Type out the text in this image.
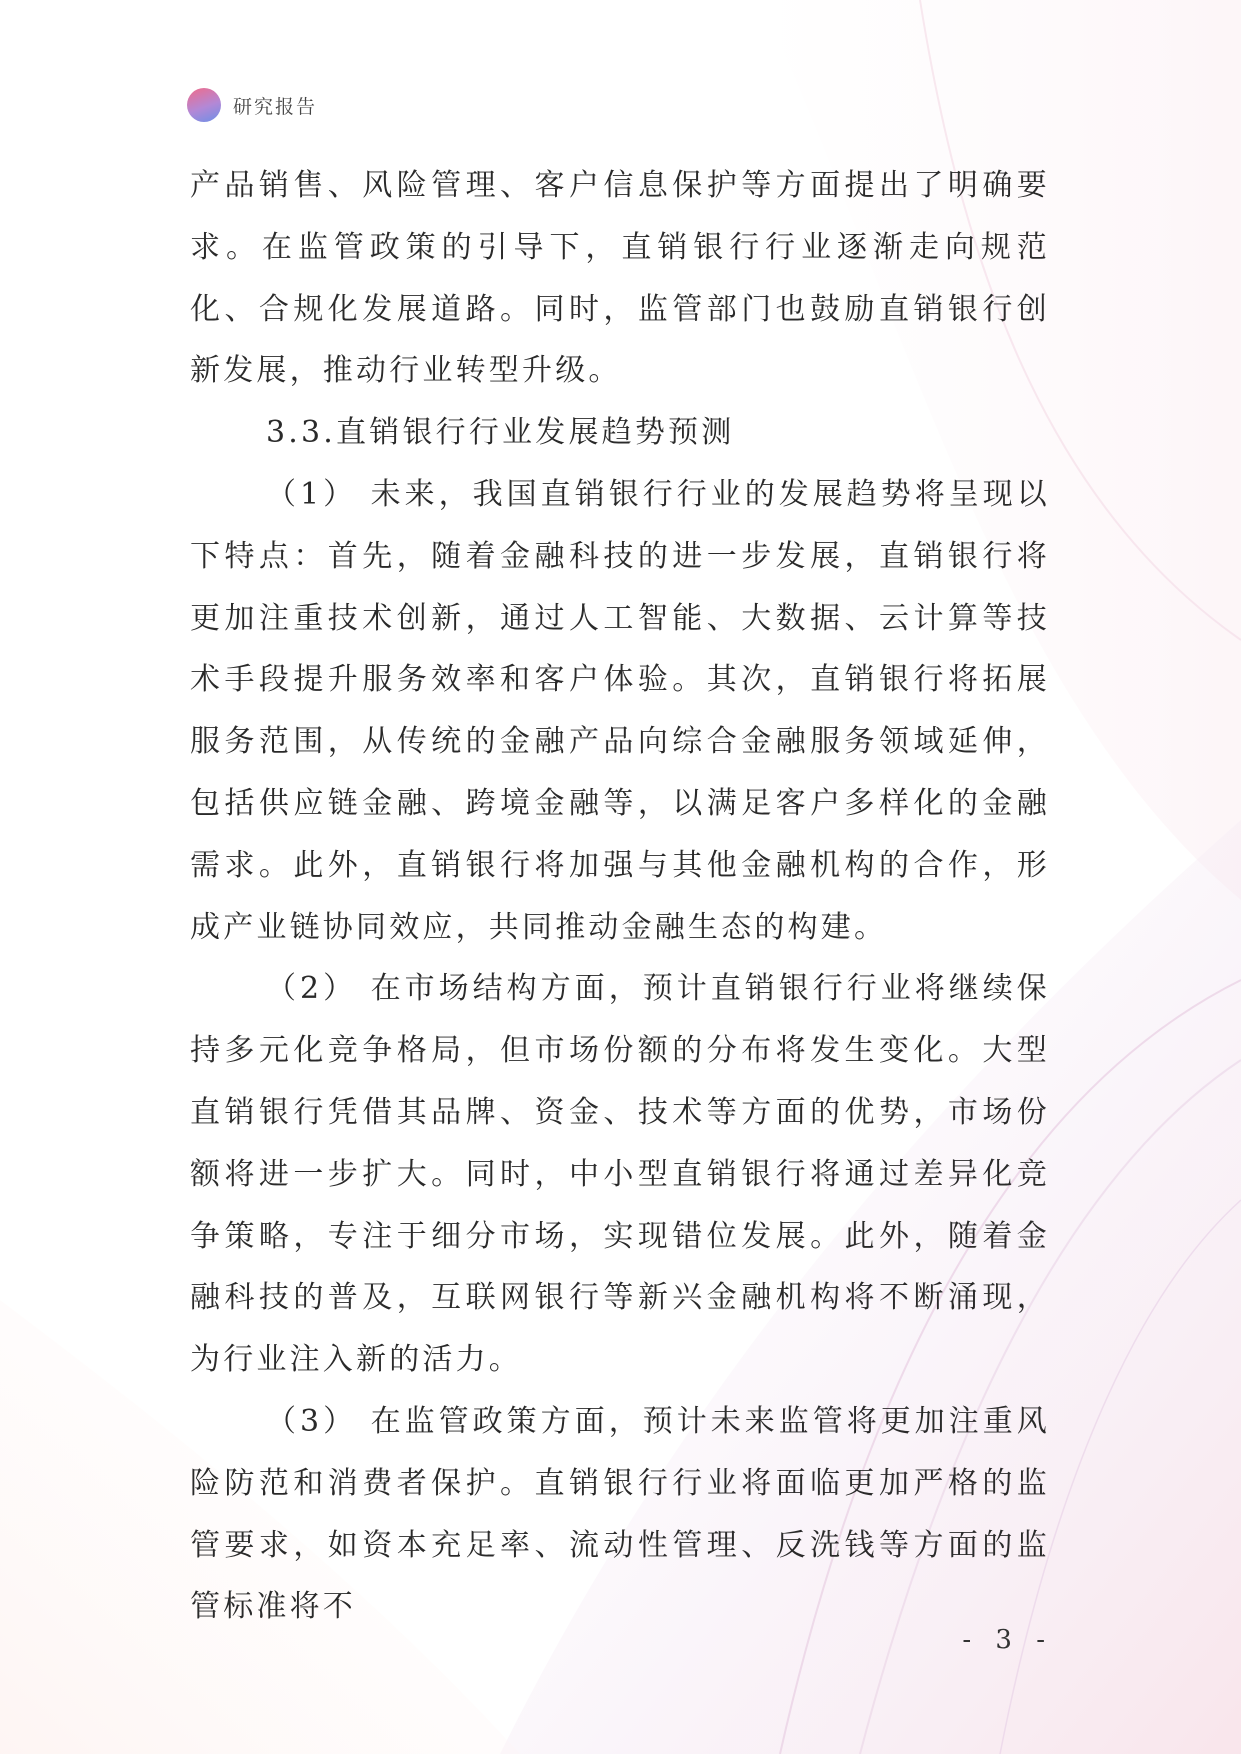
研究报告

产品销售、风险管理、客户信息保护等方面提出了明确要求。在监管政策的引导下，直销银行行业逐渐走向规范化、合规化发展道路。同时，监管部门也鼓励直销银行创新发展，推动行业转型升级。

3.3.直销银行行业发展趋势预测

（1） 未来，我国直销银行行业的发展趋势将呈现以下特点：首先，随着金融科技的进一步发展，直销银行将更加注重技术创新，通过人工智能、大数据、云计算等技术手段提升服务效率和客户体验。其次，直销银行将拓展服务范围，从传统的金融产品向综合金融服务领域延伸，包括供应链金融、跨境金融等，以满足客户多样化的金融需求。此外，直销银行将加强与其他金融机构的合作，形成产业链协同效应，共同推动金融生态的构建。

（2） 在市场结构方面，预计直销银行行业将继续保持多元化竞争格局，但市场份额的分布将发生变化。大型直销银行凭借其品牌、资金、技术等方面的优势，市场份额将进一步扩大。同时，中小型直销银行将通过差异化竞争策略，专注于细分市场，实现错位发展。此外，随着金融科技的普及，互联网银行等新兴金融机构将不断涌现，为行业注入新的活力。

（3） 在监管政策方面，预计未来监管将更加注重风险防范和消费者保护。直销银行行业将面临更加严格的监管要求，如资本充足率、流动性管理、反洗钱等方面的监管标准将不

- 3 -
